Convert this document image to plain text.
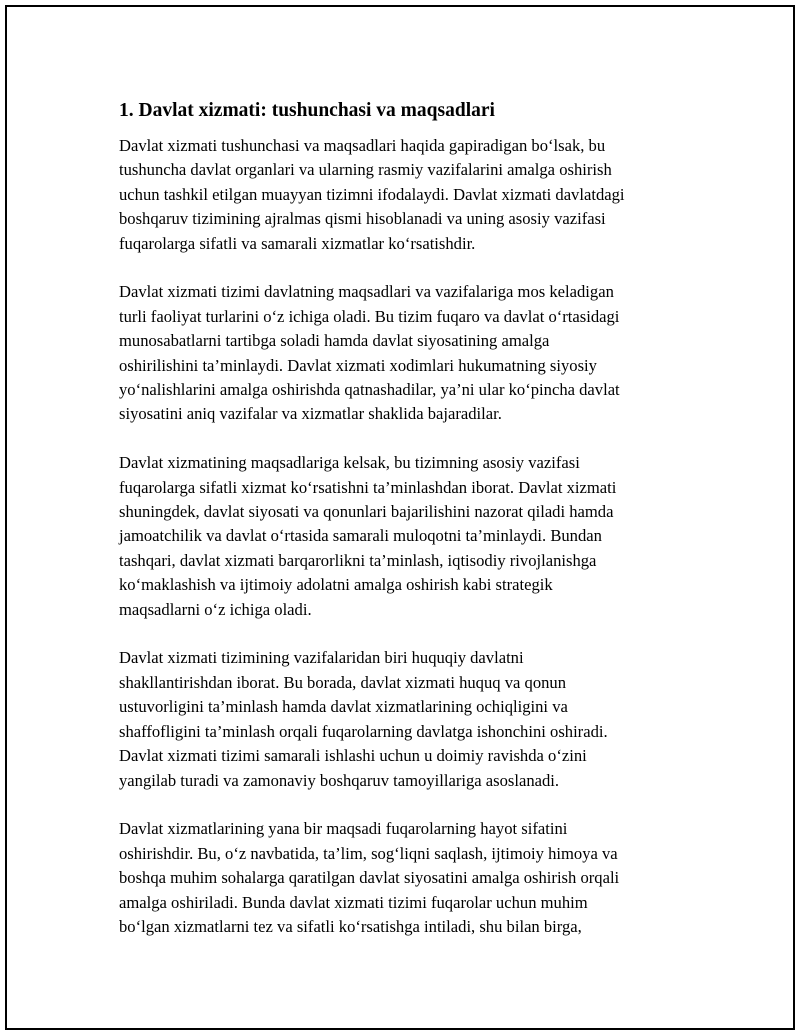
1. Davlat xizmati: tushunchasi va maqsadlari

Davlat xizmati tushunchasi va maqsadlari haqida gapiradigan bo‘lsak, bu
tushuncha davlat organlari va ularning rasmiy vazifalarini amalga oshirish
uchun tashkil etilgan muayyan tizimni ifodalaydi. Davlat xizmati davlatdagi
boshqaruv tizimining ajralmas qismi hisoblanadi va uning asosiy vazifasi
fuqarolarga sifatli va samarali xizmatlar ko‘rsatishdir.

Davlat xizmati tizimi davlatning maqsadlari va vazifalariga mos keladigan
turli faoliyat turlarini o‘z ichiga oladi. Bu tizim fuqaro va davlat o‘rtasidagi
munosabatlarni tartibga soladi hamda davlat siyosatining amalga
oshirilishini ta’minlaydi. Davlat xizmati xodimlari hukumatning siyosiy
yo‘nalishlarini amalga oshirishda qatnashadilar, ya’ni ular ko‘pincha davlat
siyosatini aniq vazifalar va xizmatlar shaklida bajaradilar.

Davlat xizmatining maqsadlariga kelsak, bu tizimning asosiy vazifasi
fuqarolarga sifatli xizmat ko‘rsatishni ta’minlashdan iborat. Davlat xizmati
shuningdek, davlat siyosati va qonunlari bajarilishini nazorat qiladi hamda
jamoatchilik va davlat o‘rtasida samarali muloqotni ta’minlaydi. Bundan
tashqari, davlat xizmati barqarorlikni ta’minlash, iqtisodiy rivojlanishga
ko‘maklashish va ijtimoiy adolatni amalga oshirish kabi strategik
maqsadlarni o‘z ichiga oladi.

Davlat xizmati tizimining vazifalaridan biri huquqiy davlatni
shakllantirishdan iborat. Bu borada, davlat xizmati huquq va qonun
ustuvorligini ta’minlash hamda davlat xizmatlarining ochiqligini va
shaffofligini ta’minlash orqali fuqarolarning davlatga ishonchini oshiradi.
Davlat xizmati tizimi samarali ishlashi uchun u doimiy ravishda o‘zini
yangilab turadi va zamonaviy boshqaruv tamoyillariga asoslanadi.

Davlat xizmatlarining yana bir maqsadi fuqarolarning hayot sifatini
oshirishdir. Bu, o‘z navbatida, ta’lim, sog‘liqni saqlash, ijtimoiy himoya va
boshqa muhim sohalarga qaratilgan davlat siyosatini amalga oshirish orqali
amalga oshiriladi. Bunda davlat xizmati tizimi fuqarolar uchun muhim
bo‘lgan xizmatlarni tez va sifatli ko‘rsatishga intiladi, shu bilan birga,
